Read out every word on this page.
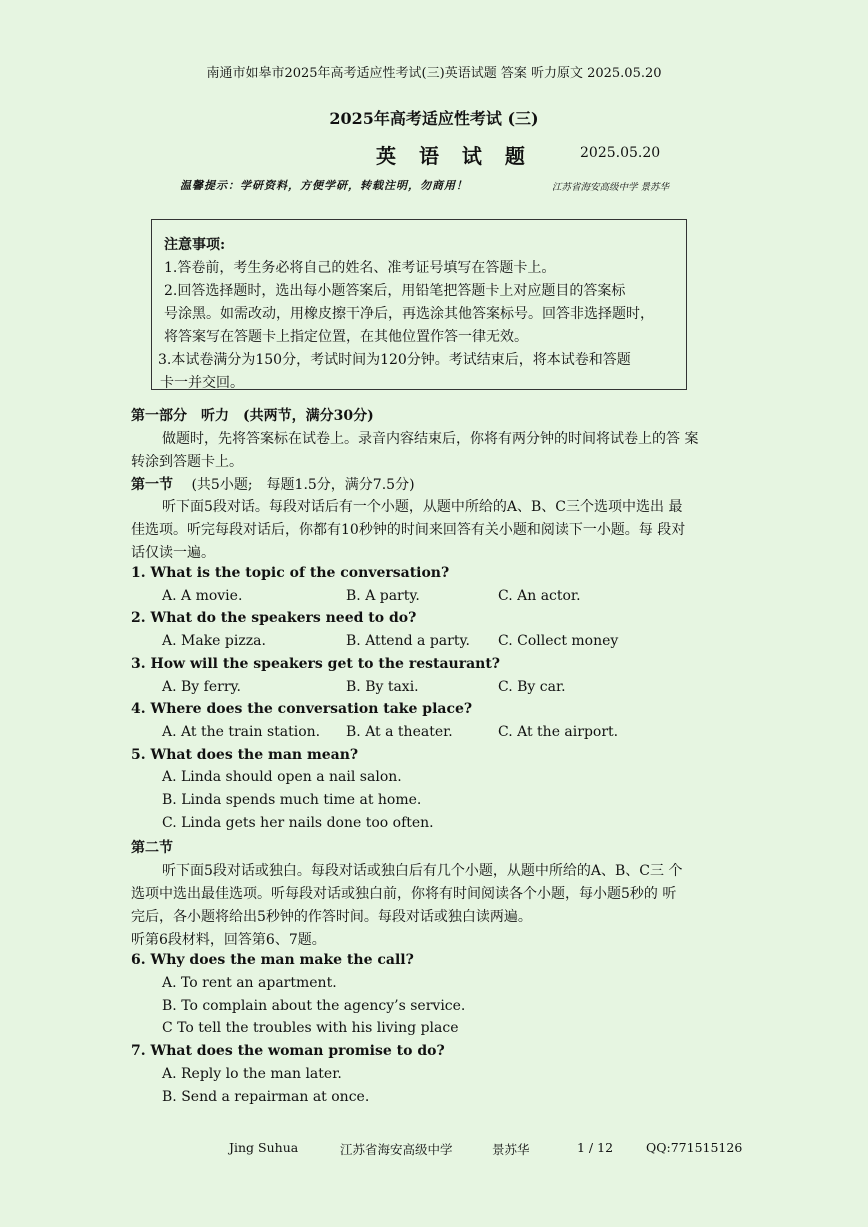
南通市如皋市2025年高考适应性考试(三)英语试题 答案 听力原文 2025.05.20
2025年高考适应性考试 (三)
英 语 试 题	2025.05.20
温馨提示：学研资料，方便学研，转载注明，勿商用！	江苏省海安高级中学 景苏华
注意事项:
1.答卷前，考生务必将自己的姓名、准考证号填写在答题卡上。
2.回答选择题时，选出每小题答案后，用铅笔把答题卡上对应题目的答案标
号涂黑。如需改动，用橡皮擦干净后，再选涂其他答案标号。回答非选择题时，
将答案写在答题卡上指定位置，在其他位置作答一律无效。
3.本试卷满分为150分，考试时间为120分钟。考试结束后，将本试卷和答题
卡一并交回。
第一部分　听力　(共两节，满分30分)
做题时，先将答案标在试卷上。录音内容结束后，你将有两分钟的时间将试卷上的答 案
转涂到答题卡上。
第一节 (共5小题;　每题1.5分，满分7.5分)
听下面5段对话。每段对话后有一个小题，从题中所给的A、B、C三个选项中选出 最
佳选项。听完每段对话后，你都有10秒钟的时间来回答有关小题和阅读下一小题。每 段对
话仅读一遍。
1. What is the topic of the conversation?
A. A movie.	B. A party.	C. An actor.
2. What do the speakers need to do?
A. Make pizza.	B. Attend a party. C. Collect money
3. How will the speakers get to the restaurant?
A. By ferry.	B. By taxi.	C. By car.
4. Where does the conversation take place?
A. At the train station. B. At a theater.	C. At the airport.
5. What does the man mean?
A. Linda should open a nail salon.
B. Linda spends much time at home.
C. Linda gets her nails done too often.
第二节
听下面5段对话或独白。每段对话或独白后有几个小题，从题中所给的A、B、C三 个
选项中选出最佳选项。听每段对话或独白前，你将有时间阅读各个小题，每小题5秒的 听
完后，各小题将给出5秒钟的作答时间。每段对话或独白读两遍。
听第6段材料，回答第6、7题。
6. Why does the man make the call?
A. To rent an apartment.
B. To complain about the agency’s service.
C To tell the troubles with his living place
7. What does the woman promise to do?
A. Reply lo the man later.
B. Send a repairman at once.
Jing Suhua	江苏省海安高级中学	景苏华	1 / 12	QQ:771515126
